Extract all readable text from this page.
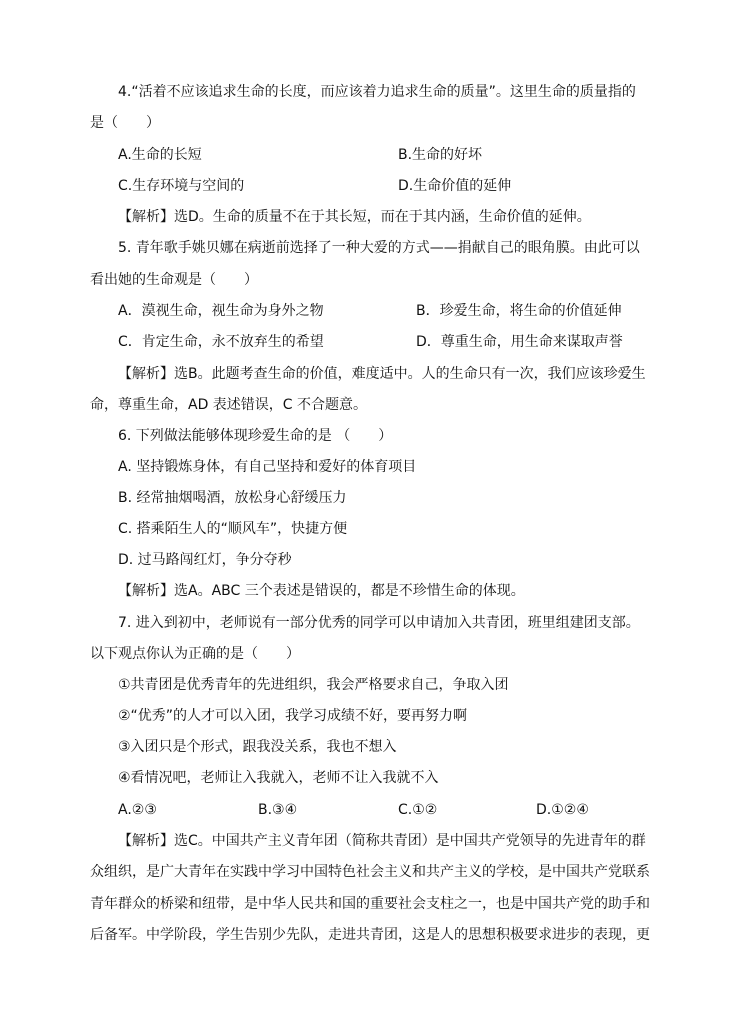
4.“活着不应该追求生命的长度，而应该着力追求生命的质量”。这里生命的质量指的
是（　　）
A.生命的长短	B.生命的好坏
C.生存环境与空间的	D.生命价值的延伸
【解析】选D。生命的质量不在于其长短，而在于其内涵，生命价值的延伸。
5. 青年歌手姚贝娜在病逝前选择了一种大爱的方式——捐献自己的眼角膜。由此可以
看出她的生命观是（　　）
A．漠视生命，视生命为身外之物	B．珍爱生命，将生命的价值延伸
C．肯定生命，永不放弃生的希望	D．尊重生命，用生命来谋取声誉
【解析】选B。此题考查生命的价值，难度适中。人的生命只有一次，我们应该珍爱生
命，尊重生命，AD 表述错误，C 不合题意。
6. 下列做法能够体现珍爱生命的是 （　　）
A. 坚持锻炼身体，有自己坚持和爱好的体育项目
B. 经常抽烟喝酒，放松身心舒缓压力
C. 搭乘陌生人的“顺风车”，快捷方便
D. 过马路闯红灯，争分夺秒
【解析】选A。ABC 三个表述是错误的，都是不珍惜生命的体现。
7. 进入到初中，老师说有一部分优秀的同学可以申请加入共青团，班里组建团支部。
以下观点你认为正确的是（　　）
①共青团是优秀青年的先进组织，我会严格要求自己，争取入团
②“优秀”的人才可以入团，我学习成绩不好，要再努力啊
③入团只是个形式，跟我没关系，我也不想入
④看情况吧，老师让入我就入，老师不让入我就不入
A.②③	B.③④	C.①②	D.①②④
【解析】选C。中国共产主义青年团（简称共青团）是中国共产党领导的先进青年的群
众组织，是广大青年在实践中学习中国特色社会主义和共产主义的学校，是中国共产党联系
青年群众的桥梁和纽带，是中华人民共和国的重要社会支柱之一，也是中国共产党的助手和
后备军。中学阶段，学生告别少先队，走进共青团，这是人的思想积极要求进步的表现，更
